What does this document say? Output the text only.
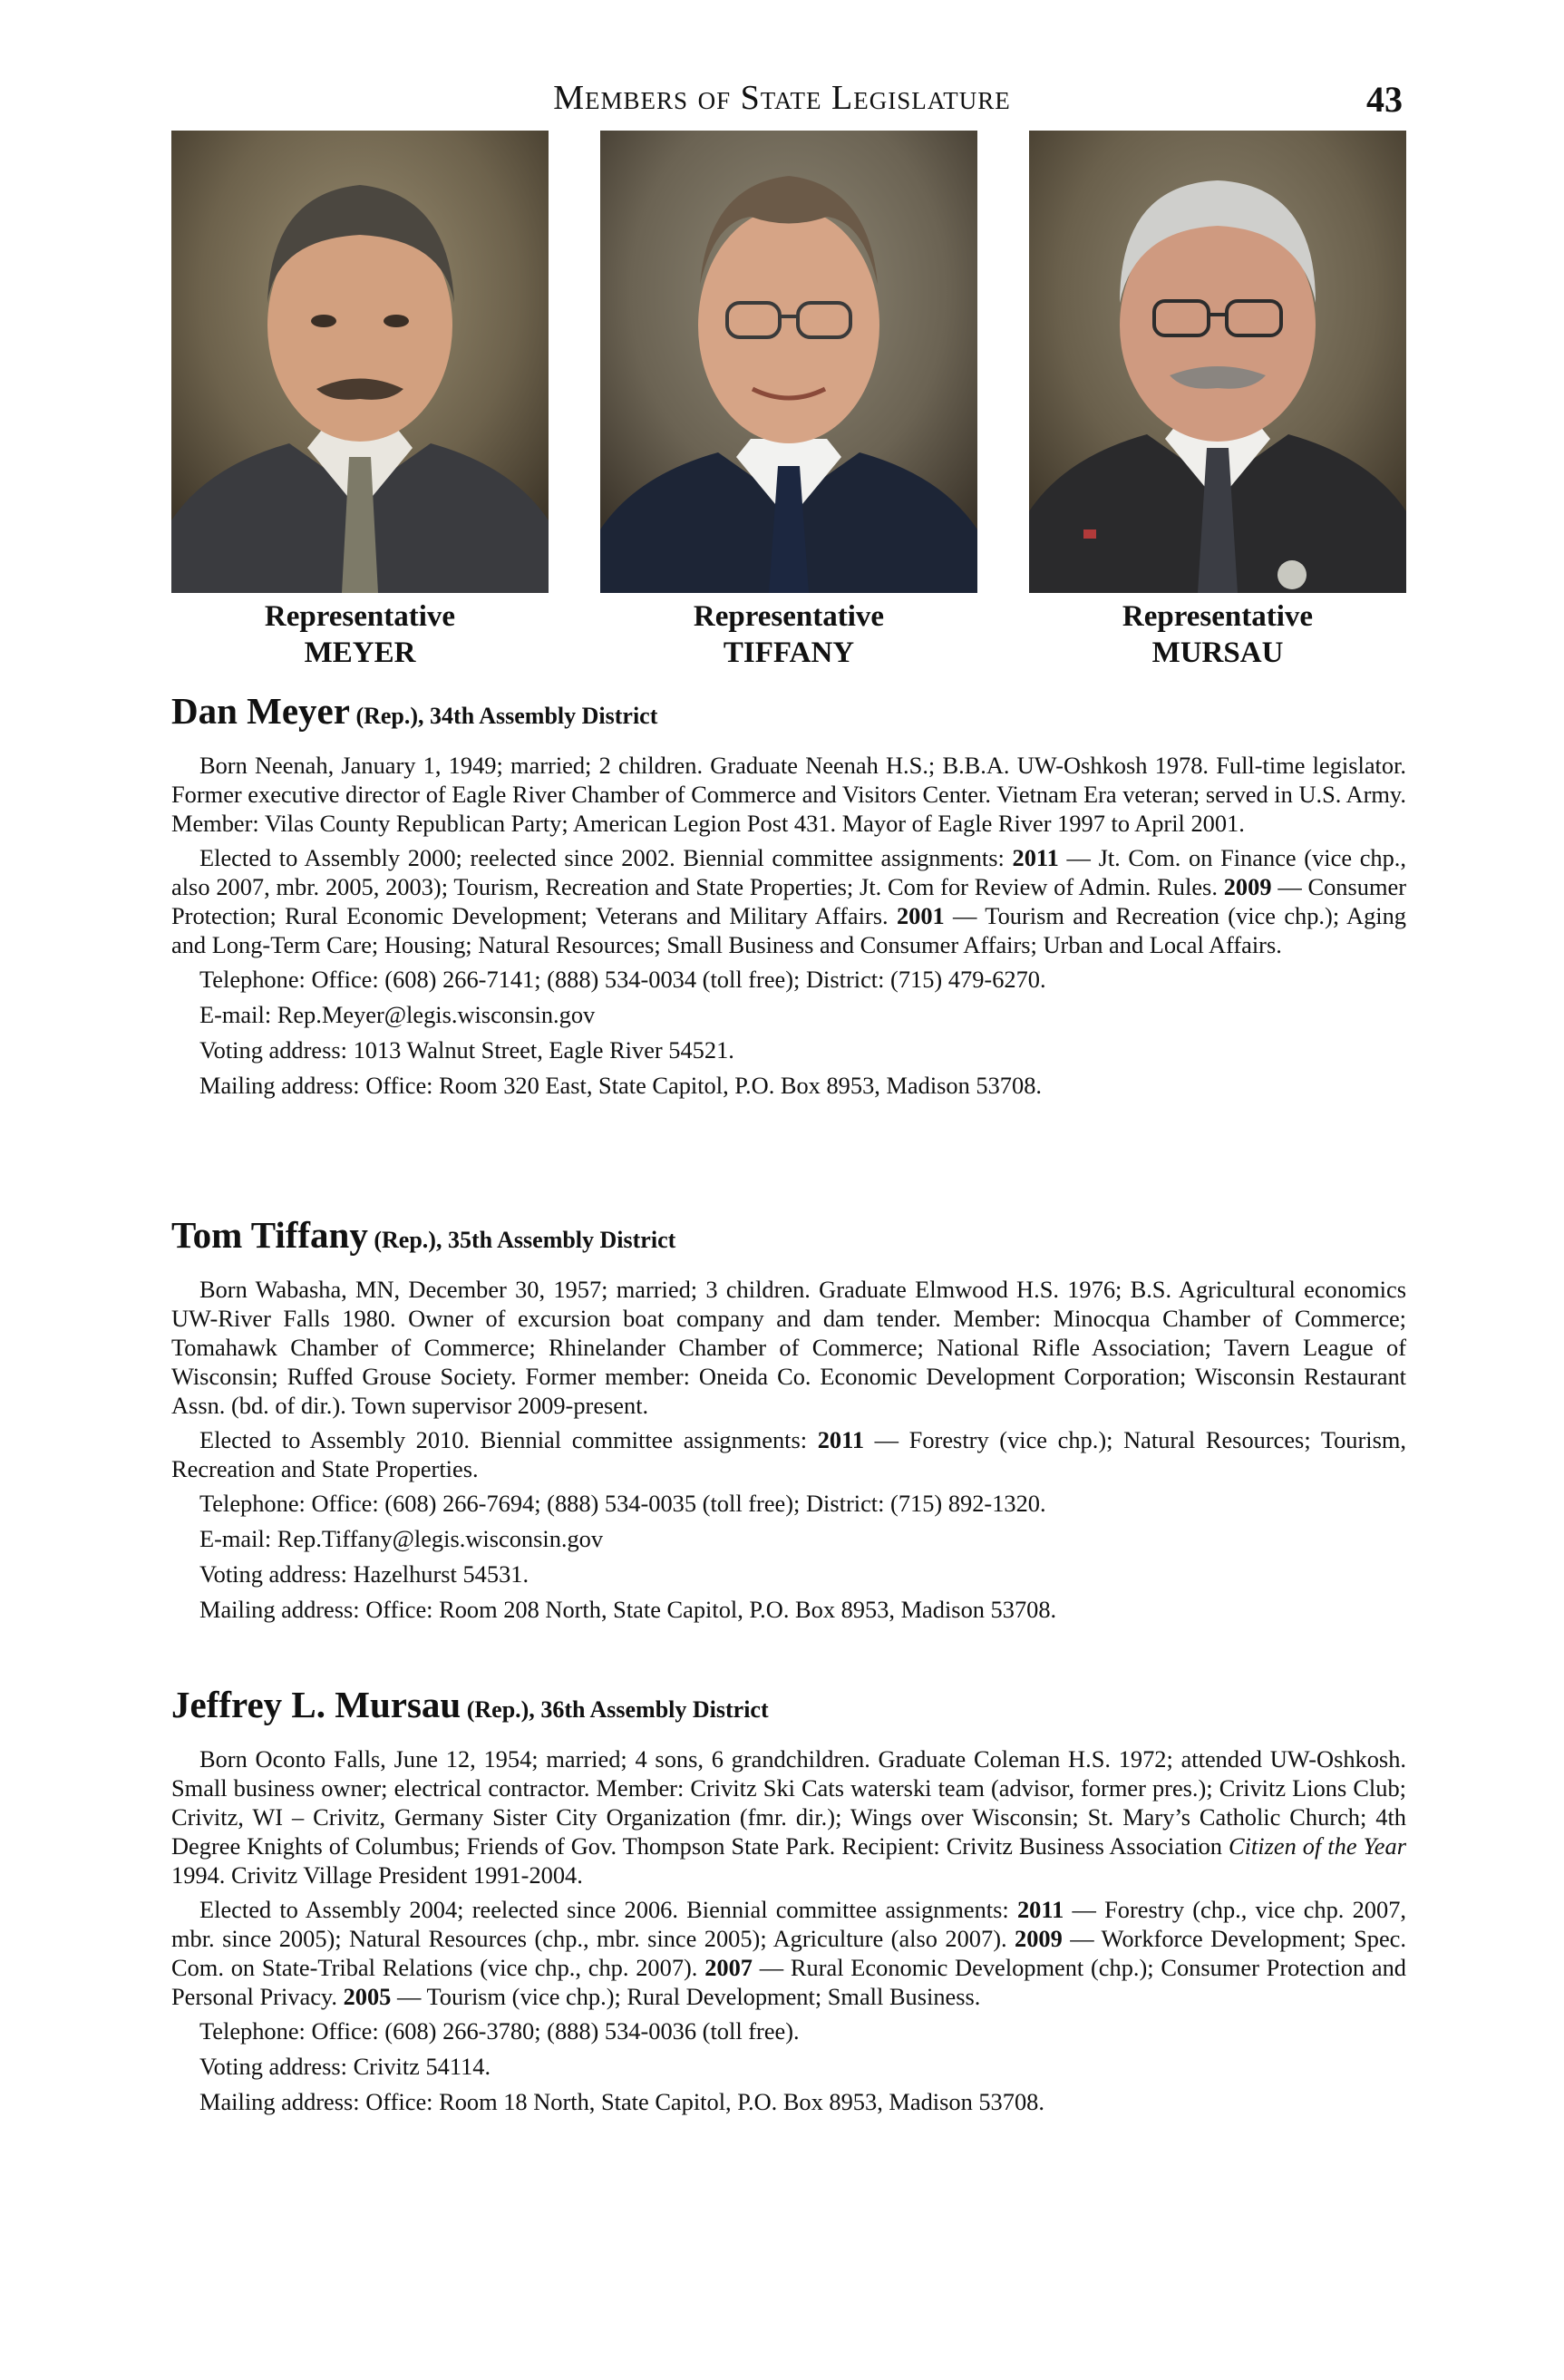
Members of State Legislature	43
Representative
MEYER
Representative
TIFFANY
Representative
MURSAU
Dan Meyer (Rep.), 34th Assembly District

Born Neenah, January 1, 1949; married; 2 children. Graduate Neenah H.S.; B.B.A. UW-Oshkosh 1978. Full-time legislator. Former executive director of Eagle River Chamber of Commerce and Visitors Center. Vietnam Era veteran; served in U.S. Army. Member: Vilas County Republican Party; American Legion Post 431. Mayor of Eagle River 1997 to April 2001.

Elected to Assembly 2000; reelected since 2002. Biennial committee assignments: 2011 — Jt. Com. on Finance (vice chp., also 2007, mbr. 2005, 2003); Tourism, Recreation and State Properties; Jt. Com for Review of Admin. Rules. 2009 — Consumer Protection; Rural Economic Development; Veterans and Military Affairs. 2001 — Tourism and Recreation (vice chp.); Aging and Long-Term Care; Housing; Natural Resources; Small Business and Consumer Affairs; Urban and Local Affairs.

Telephone: Office: (608) 266-7141; (888) 534-0034 (toll free); District: (715) 479-6270.
E-mail: Rep.Meyer@legis.wisconsin.gov
Voting address: 1013 Walnut Street, Eagle River 54521.
Mailing address: Office: Room 320 East, State Capitol, P.O. Box 8953, Madison 53708.
Tom Tiffany (Rep.), 35th Assembly District

Born Wabasha, MN, December 30, 1957; married; 3 children. Graduate Elmwood H.S. 1976; B.S. Agricultural economics UW-River Falls 1980. Owner of excursion boat company and dam tender. Member: Minocqua Chamber of Commerce; Tomahawk Chamber of Commerce; Rhinelander Chamber of Commerce; National Rifle Association; Tavern League of Wisconsin; Ruffed Grouse Society. Former member: Oneida Co. Economic Development Corporation; Wisconsin Restaurant Assn. (bd. of dir.). Town supervisor 2009-present.

Elected to Assembly 2010. Biennial committee assignments: 2011 — Forestry (vice chp.); Natural Resources; Tourism, Recreation and State Properties.

Telephone: Office: (608) 266-7694; (888) 534-0035 (toll free); District: (715) 892-1320.
E-mail: Rep.Tiffany@legis.wisconsin.gov
Voting address: Hazelhurst 54531.
Mailing address: Office: Room 208 North, State Capitol, P.O. Box 8953, Madison 53708.
Jeffrey L. Mursau (Rep.), 36th Assembly District

Born Oconto Falls, June 12, 1954; married; 4 sons, 6 grandchildren. Graduate Coleman H.S. 1972; attended UW-Oshkosh. Small business owner; electrical contractor. Member: Crivitz Ski Cats waterski team (advisor, former pres.); Crivitz Lions Club; Crivitz, WI – Crivitz, Germany Sister City Organization (fmr. dir.); Wings over Wisconsin; St. Mary’s Catholic Church; 4th Degree Knights of Columbus; Friends of Gov. Thompson State Park. Recipient: Crivitz Business Association Citizen of the Year 1994. Crivitz Village President 1991-2004.

Elected to Assembly 2004; reelected since 2006. Biennial committee assignments: 2011 — Forestry (chp., vice chp. 2007, mbr. since 2005); Natural Resources (chp., mbr. since 2005); Agriculture (also 2007). 2009 — Workforce Development; Spec. Com. on State-Tribal Relations (vice chp., chp. 2007). 2007 — Rural Economic Development (chp.); Consumer Protection and Personal Privacy. 2005 — Tourism (vice chp.); Rural Development; Small Business.

Telephone: Office: (608) 266-3780; (888) 534-0036 (toll free).
Voting address: Crivitz 54114.
Mailing address: Office: Room 18 North, State Capitol, P.O. Box 8953, Madison 53708.
